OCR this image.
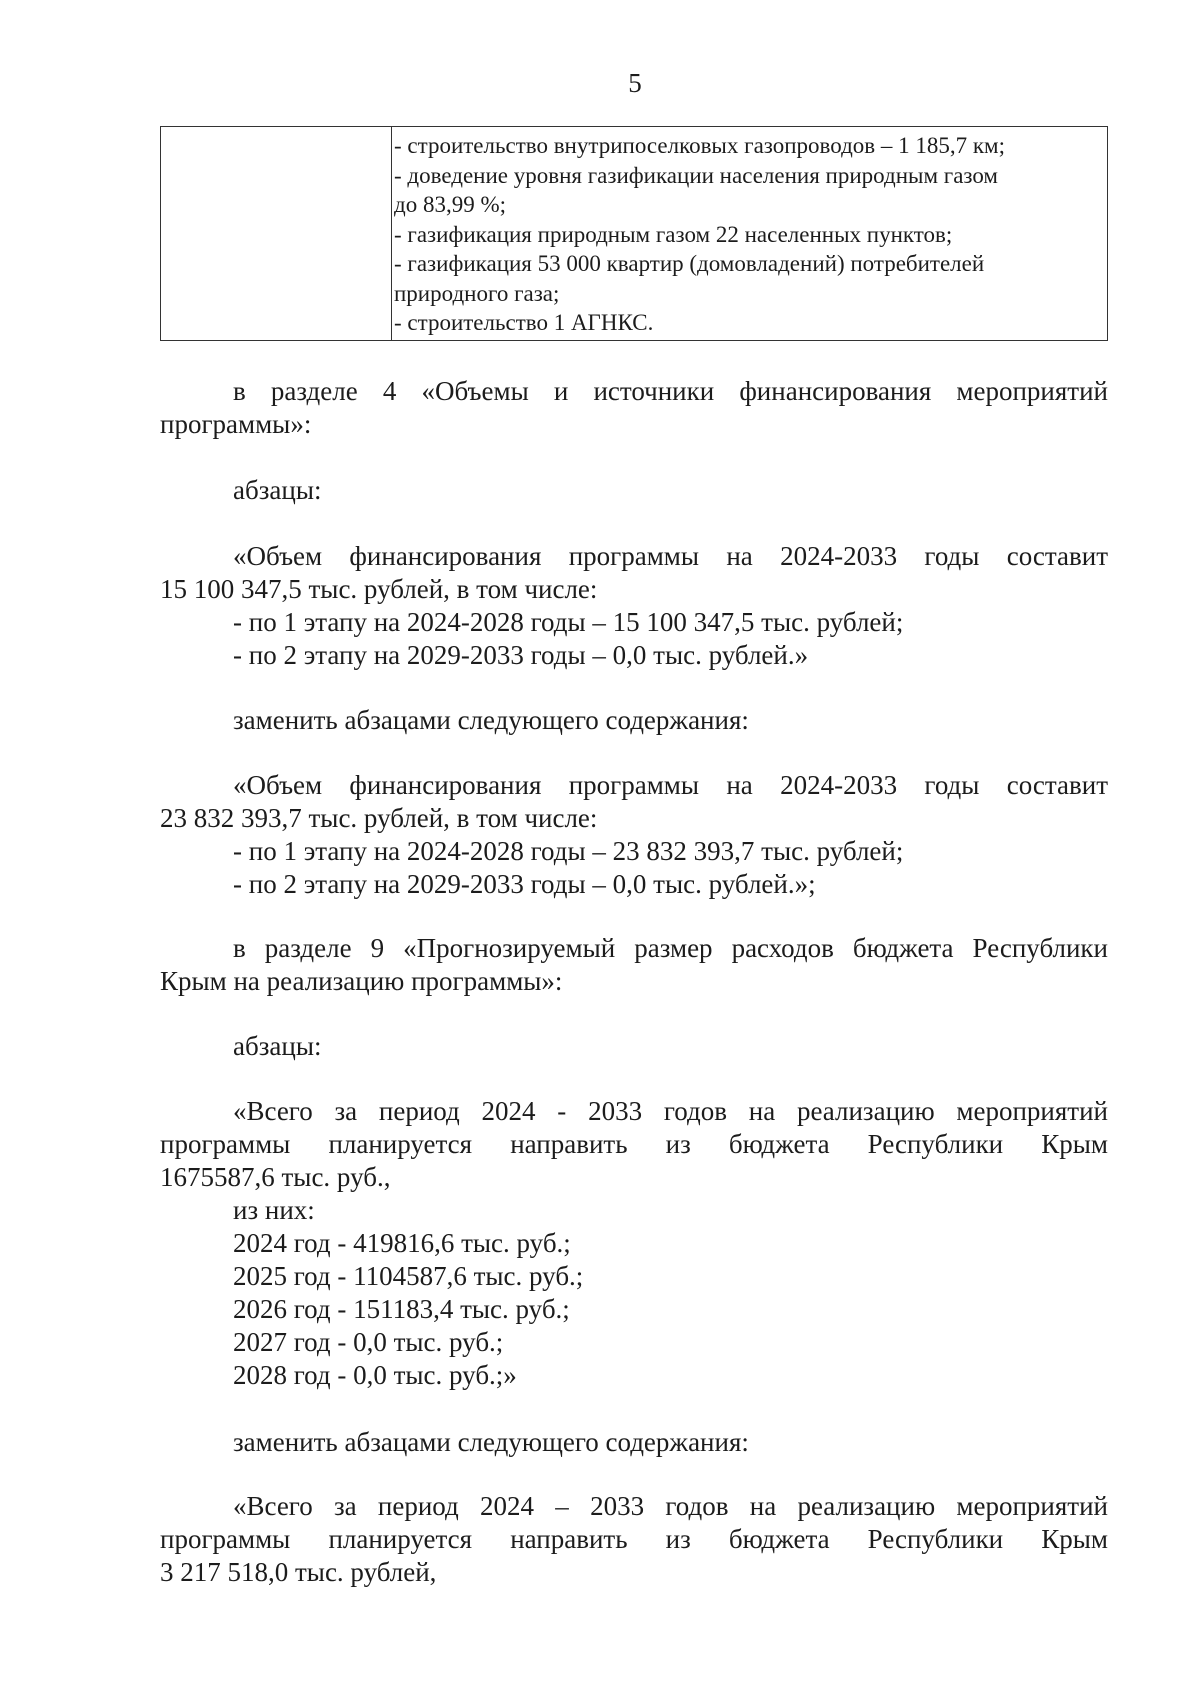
5

- строительство внутрипоселковых газопроводов – 1 185,7 км;
- доведение уровня газификации населения природным газом
до 83,99 %;
- газификация природным газом 22 населенных пунктов;
- газификация 53 000 квартир (домовладений) потребителей
природного газа;
- строительство 1 АГНКС.
в разделе 4 «Объемы и источники финансирования мероприятий
программы»:
абзацы:
«Объем финансирования программы на 2024-2033 годы составит
15 100 347,5 тыс. рублей, в том числе:
- по 1 этапу на 2024-2028 годы – 15 100 347,5 тыс. рублей;
- по 2 этапу на 2029-2033 годы – 0,0 тыс. рублей.»
заменить абзацами следующего содержания:
«Объем финансирования программы на 2024-2033 годы составит
23 832 393,7 тыс. рублей, в том числе:
- по 1 этапу на 2024-2028 годы – 23 832 393,7 тыс. рублей;
- по 2 этапу на 2029-2033 годы – 0,0 тыс. рублей.»;
в разделе 9 «Прогнозируемый размер расходов бюджета Республики
Крым на реализацию программы»:
абзацы:
«Всего за период 2024 - 2033 годов на реализацию мероприятий
программы планируется направить из бюджета Республики Крым
1675587,6 тыс. руб.,
из них:
2024 год - 419816,6 тыс. руб.;
2025 год - 1104587,6 тыс. руб.;
2026 год - 151183,4 тыс. руб.;
2027 год - 0,0 тыс. руб.;
2028 год - 0,0 тыс. руб.;»
заменить абзацами следующего содержания:
«Всего за период 2024 – 2033 годов на реализацию мероприятий
программы планируется направить из бюджета Республики Крым
3 217 518,0 тыс. рублей,
